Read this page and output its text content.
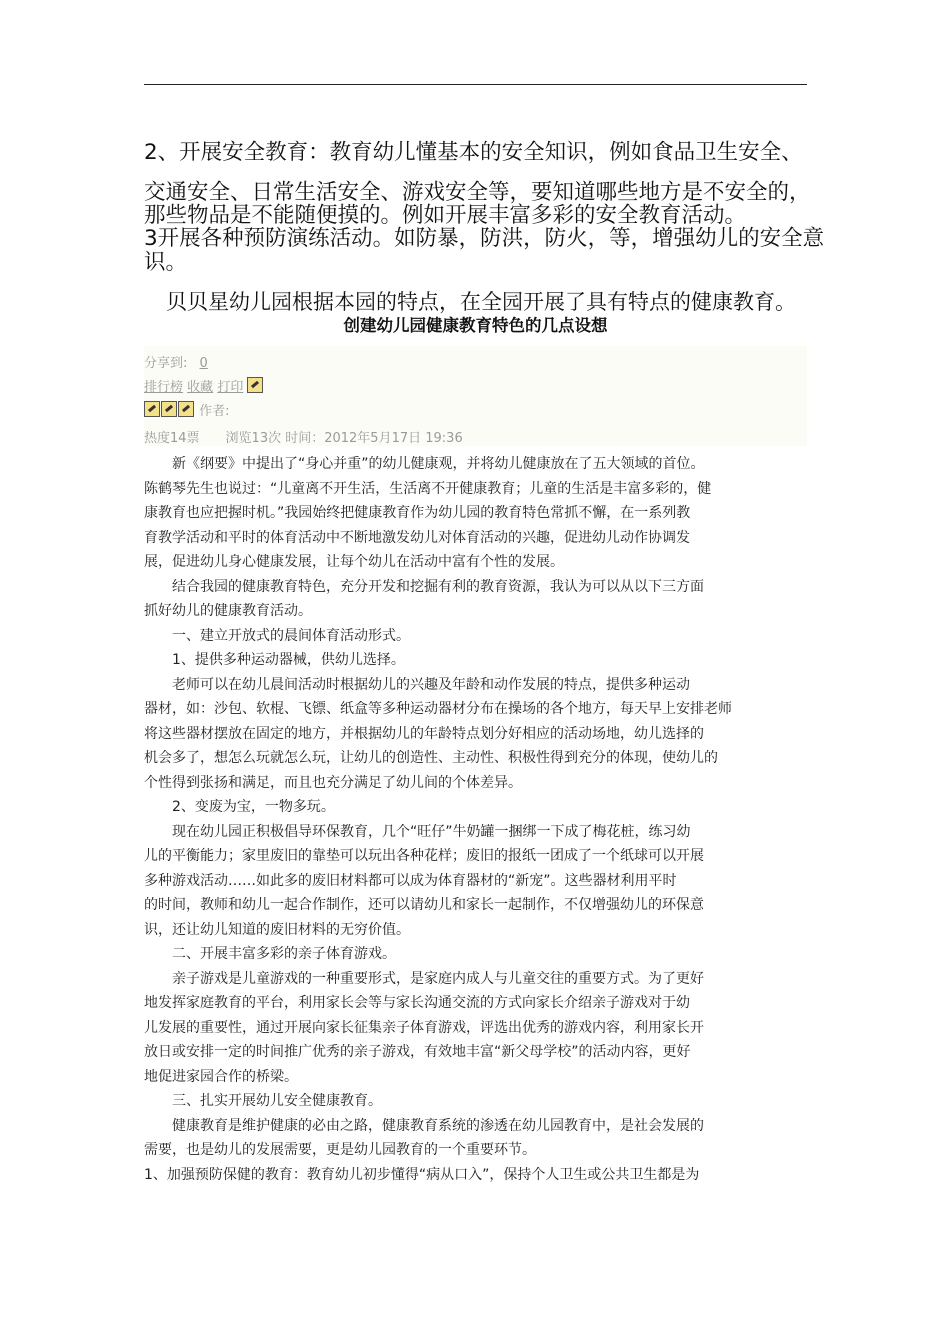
2、开展安全教育：教育幼儿懂基本的安全知识，例如食品卫生安全、
交通安全、日常生活安全、游戏安全等，要知道哪些地方是不安全的，
那些物品是不能随便摸的。例如开展丰富多彩的安全教育活动。
3开展各种预防演练活动。如防暴，防洪，防火，等，增强幼儿的安全意
识。
贝贝星幼儿园根据本园的特点，在全园开展了具有特点的健康教育。
创建幼儿园健康教育特色的几点设想
分享到: 0
排行榜 收藏 打印
作者:
热度14票　　浏览13次 时间：2012年5月17日 19:36

新《纲要》中提出了“身心并重”的幼儿健康观，并将幼儿健康放在了五大领域的首位。

陈鹤琴先生也说过：“儿童离不开生活，生活离不开健康教育；儿童的生活是丰富多彩的，健

康教育也应把握时机。”我园始终把健康教育作为幼儿园的教育特色常抓不懈，在一系列教

育教学活动和平时的体育活动中不断地激发幼儿对体育活动的兴趣，促进幼儿动作协调发

展，促进幼儿身心健康发展，让每个幼儿在活动中富有个性的发展。

结合我园的健康教育特色，充分开发和挖掘有利的教育资源，我认为可以从以下三方面

抓好幼儿的健康教育活动。

一、建立开放式的晨间体育活动形式。

1、提供多种运动器械，供幼儿选择。

老师可以在幼儿晨间活动时根据幼儿的兴趣及年龄和动作发展的特点，提供多种运动

器材，如：沙包、软棍、飞镖、纸盒等多种运动器材分布在操场的各个地方，每天早上安排老师

将这些器材摆放在固定的地方，并根据幼儿的年龄特点划分好相应的活动场地，幼儿选择的

机会多了，想怎么玩就怎么玩，让幼儿的创造性、主动性、积极性得到充分的体现，使幼儿的

个性得到张扬和满足，而且也充分满足了幼儿间的个体差异。

2、变废为宝，一物多玩。

现在幼儿园正积极倡导环保教育，几个“旺仔”牛奶罐一捆绑一下成了梅花桩，练习幼

儿的平衡能力；家里废旧的靠垫可以玩出各种花样；废旧的报纸一团成了一个纸球可以开展

多种游戏活动……如此多的废旧材料都可以成为体育器材的“新宠”。这些器材利用平时

的时间，教师和幼儿一起合作制作，还可以请幼儿和家长一起制作，不仅增强幼儿的环保意

识，还让幼儿知道的废旧材料的无穷价值。

二、开展丰富多彩的亲子体育游戏。

亲子游戏是儿童游戏的一种重要形式，是家庭内成人与儿童交往的重要方式。为了更好

地发挥家庭教育的平台，利用家长会等与家长沟通交流的方式向家长介绍亲子游戏对于幼

儿发展的重要性，通过开展向家长征集亲子体育游戏，评选出优秀的游戏内容，利用家长开

放日或安排一定的时间推广优秀的亲子游戏，有效地丰富“新父母学校”的活动内容，更好

地促进家园合作的桥梁。

三、扎实开展幼儿安全健康教育。

健康教育是维护健康的必由之路，健康教育系统的渗透在幼儿园教育中，是社会发展的

需要，也是幼儿的发展需要，更是幼儿园教育的一个重要环节。

1、加强预防保健的教育：教育幼儿初步懂得“病从口入”，保持个人卫生或公共卫生都是为
